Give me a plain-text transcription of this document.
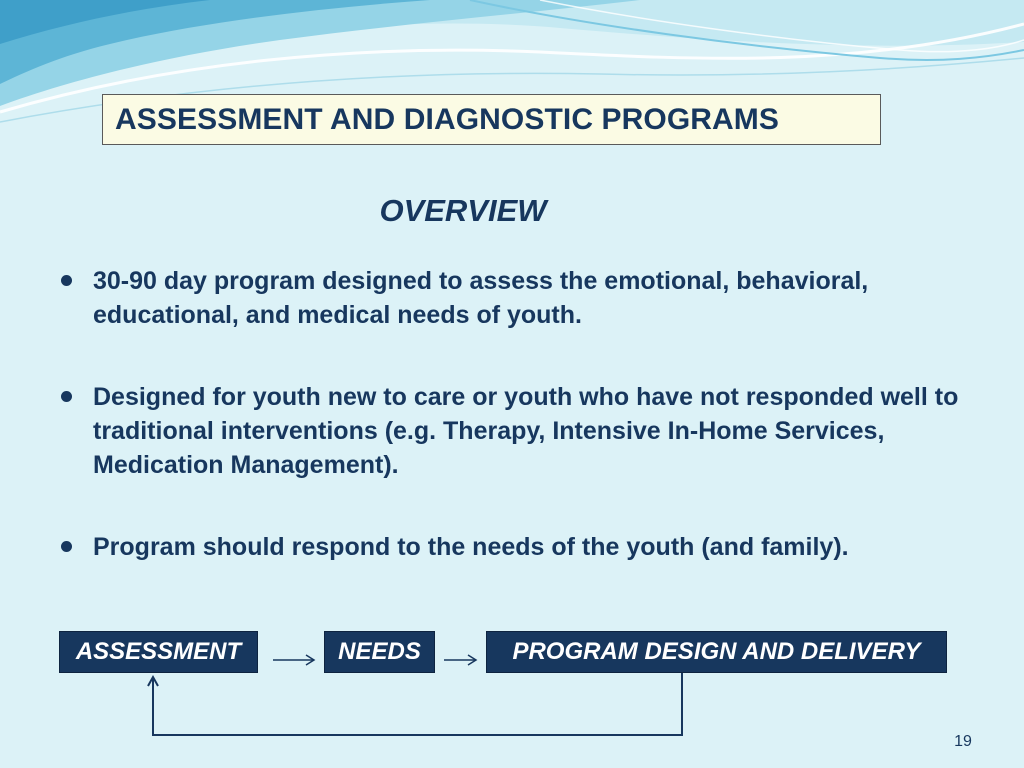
ASSESSMENT AND DIAGNOSTIC PROGRAMS
OVERVIEW
30-90 day program designed to assess the emotional, behavioral, educational, and medical needs of youth.
Designed for youth new to care or youth who have not responded well to traditional interventions (e.g. Therapy, Intensive In-Home Services, Medication Management).
Program should respond to the needs of the youth (and family).
ASSESSMENT	NEEDS	PROGRAM DESIGN AND DELIVERY
19
